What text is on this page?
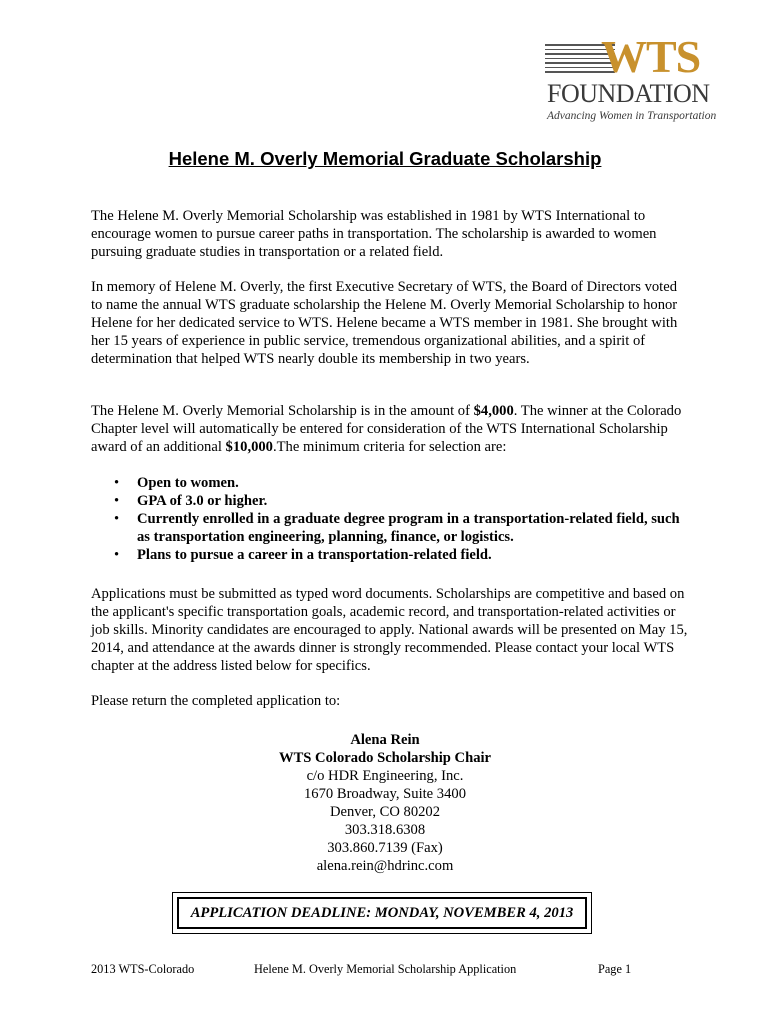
WTS
FOUNDATION
Advancing Women in Transportation
Helene M. Overly Memorial Graduate Scholarship

The Helene M. Overly Memorial Scholarship was established in 1981 by WTS International to encourage women to pursue career paths in transportation. The scholarship is awarded to women pursuing graduate studies in transportation or a related field.

In memory of Helene M. Overly, the first Executive Secretary of WTS, the Board of Directors voted to name the annual WTS graduate scholarship the Helene M. Overly Memorial Scholarship to honor Helene for her dedicated service to WTS. Helene became a WTS member in 1981. She brought with her 15 years of experience in public service, tremendous organizational abilities, and a spirit of determination that helped WTS nearly double its membership in two years.

The Helene M. Overly Memorial Scholarship is in the amount of $4,000. The winner at the Colorado Chapter level will automatically be entered for consideration of the WTS International Scholarship award of an additional $10,000.The minimum criteria for selection are:

• Open to women.
• GPA of 3.0 or higher.
• Currently enrolled in a graduate degree program in a transportation-related field, such as transportation engineering, planning, finance, or logistics.
• Plans to pursue a career in a transportation-related field.

Applications must be submitted as typed word documents. Scholarships are competitive and based on the applicant's specific transportation goals, academic record, and transportation-related activities or job skills. Minority candidates are encouraged to apply. National awards will be presented on May 15, 2014, and attendance at the awards dinner is strongly recommended. Please contact your local WTS chapter at the address listed below for specifics.

Please return the completed application to:

Alena Rein
WTS Colorado Scholarship Chair
c/o HDR Engineering, Inc.
1670 Broadway, Suite 3400
Denver, CO 80202
303.318.6308
303.860.7139 (Fax)
alena.rein@hdrinc.com
APPLICATION DEADLINE: MONDAY, NOVEMBER 4, 2013
2013 WTS-Colorado	Helene M. Overly Memorial Scholarship Application	Page 1
